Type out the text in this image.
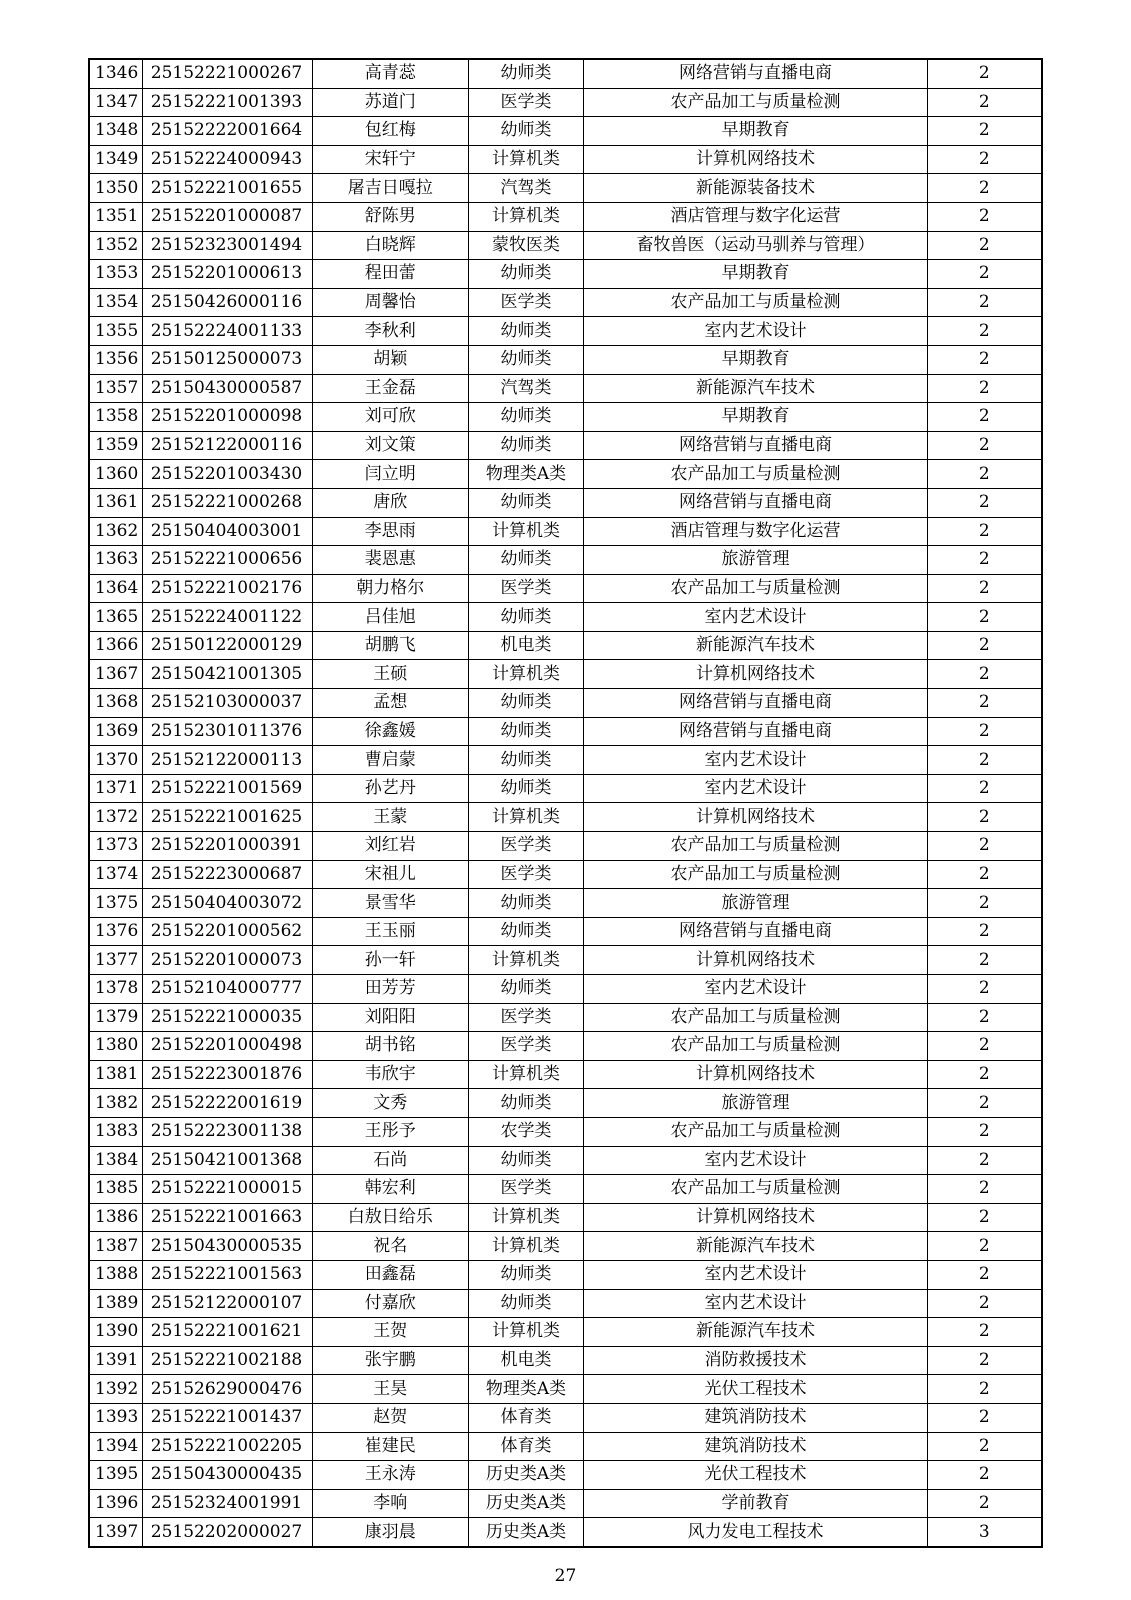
1346	25152221000267	高青蕊	幼师类	网络营销与直播电商	2
1347	25152221001393	苏道门	医学类	农产品加工与质量检测	2
1348	25152222001664	包红梅	幼师类	早期教育	2
1349	25152224000943	宋轩宁	计算机类	计算机网络技术	2
1350	25152221001655	屠吉日嘎拉	汽驾类	新能源装备技术	2
1351	25152201000087	舒陈男	计算机类	酒店管理与数字化运营	2
1352	25152323001494	白晓辉	蒙牧医类	畜牧兽医（运动马驯养与管理）	2
1353	25152201000613	程田蕾	幼师类	早期教育	2
1354	25150426000116	周馨怡	医学类	农产品加工与质量检测	2
1355	25152224001133	李秋利	幼师类	室内艺术设计	2
1356	25150125000073	胡颖	幼师类	早期教育	2
1357	25150430000587	王金磊	汽驾类	新能源汽车技术	2
1358	25152201000098	刘可欣	幼师类	早期教育	2
1359	25152122000116	刘文策	幼师类	网络营销与直播电商	2
1360	25152201003430	闫立明	物理类A类	农产品加工与质量检测	2
1361	25152221000268	唐欣	幼师类	网络营销与直播电商	2
1362	25150404003001	李思雨	计算机类	酒店管理与数字化运营	2
1363	25152221000656	裴恩惠	幼师类	旅游管理	2
1364	25152221002176	朝力格尔	医学类	农产品加工与质量检测	2
1365	25152224001122	吕佳旭	幼师类	室内艺术设计	2
1366	25150122000129	胡鹏飞	机电类	新能源汽车技术	2
1367	25150421001305	王硕	计算机类	计算机网络技术	2
1368	25152103000037	孟想	幼师类	网络营销与直播电商	2
1369	25152301011376	徐鑫媛	幼师类	网络营销与直播电商	2
1370	25152122000113	曹启蒙	幼师类	室内艺术设计	2
1371	25152221001569	孙艺丹	幼师类	室内艺术设计	2
1372	25152221001625	王蒙	计算机类	计算机网络技术	2
1373	25152201000391	刘红岩	医学类	农产品加工与质量检测	2
1374	25152223000687	宋祖儿	医学类	农产品加工与质量检测	2
1375	25150404003072	景雪华	幼师类	旅游管理	2
1376	25152201000562	王玉丽	幼师类	网络营销与直播电商	2
1377	25152201000073	孙一轩	计算机类	计算机网络技术	2
1378	25152104000777	田芳芳	幼师类	室内艺术设计	2
1379	25152221000035	刘阳阳	医学类	农产品加工与质量检测	2
1380	25152201000498	胡书铭	医学类	农产品加工与质量检测	2
1381	25152223001876	韦欣宇	计算机类	计算机网络技术	2
1382	25152222001619	文秀	幼师类	旅游管理	2
1383	25152223001138	王彤予	农学类	农产品加工与质量检测	2
1384	25150421001368	石尚	幼师类	室内艺术设计	2
1385	25152221000015	韩宏利	医学类	农产品加工与质量检测	2
1386	25152221001663	白敖日给乐	计算机类	计算机网络技术	2
1387	25150430000535	祝名	计算机类	新能源汽车技术	2
1388	25152221001563	田鑫磊	幼师类	室内艺术设计	2
1389	25152122000107	付嘉欣	幼师类	室内艺术设计	2
1390	25152221001621	王贺	计算机类	新能源汽车技术	2
1391	25152221002188	张宇鹏	机电类	消防救援技术	2
1392	25152629000476	王昊	物理类A类	光伏工程技术	2
1393	25152221001437	赵贺	体育类	建筑消防技术	2
1394	25152221002205	崔建民	体育类	建筑消防技术	2
1395	25150430000435	王永涛	历史类A类	光伏工程技术	2
1396	25152324001991	李响	历史类A类	学前教育	2
1397	25152202000027	康羽晨	历史类A类	风力发电工程技术	3
27
